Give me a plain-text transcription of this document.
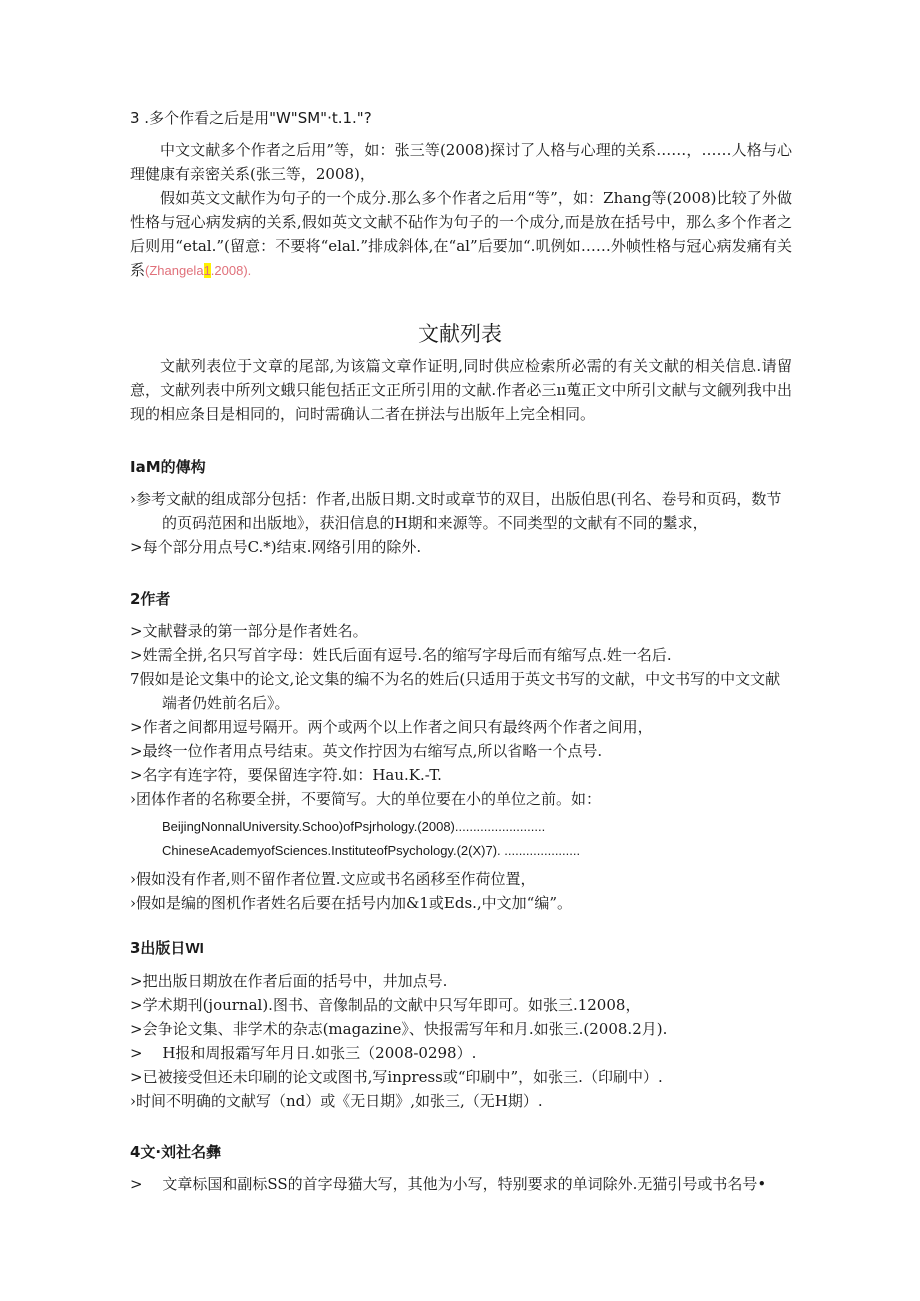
3 .多个作看之后是用"W"SM"·t.1."?

中文文献多个作者之后用”等，如：张三等(2008)探讨了人格与心理的关系……，……人格与心理健康有亲密关系(张三等，2008)，

假如英文文献作为句子的一个成分.那么多个作者之后用“等”，如：Zhang等(2008)比较了外做性格与冠心病发病的关系,假如英文文献不砧作为句子的一个成分,而是放在括号中，那么多个作者之后则用“etal.”(留意：不要将“elal.”排成斜体,在“al”后要加“.叽例如……外帧性格与冠心病发痛有关系(Zhangela1.2008).

文献列表

文献列表位于文章的尾部,为该篇文章作证明,同时供应检索所必需的有关文献的相关信息.请留意，文献列表中所列文蛾只能包括正文正所引用的文献.作者必三ıı蒐正文中所引文献与文觎列我中出现的相应条目是相同的，问时需确认二者在拼法与出版年上完全相同。

IaM的傳构

›参考文献的组成部分包括：作者,出版日期.文时或章节的双目，出版伯思(刊名、卷号和页码，数节的页码范困和出版地》，获汨信息的H期和来源等。不同类型的文献有不同的䰈求，

>每个部分用点号C.*)结束.网络引用的除外.

2作者

>文献瞽录的第一部分是作者姓名。

>姓需全拼,名只写首字母：姓氏后面有逗号.名的缩写字母后而有缩写点.姓一名后.

7假如是论文集中的论文,论文集的编不为名的姓后(只适用于英文书写的文献，中文书写的中文文献端者仍姓前名后》。

>作者之间都用逗号隔开。两个或两个以上作者之间只有最终两个作者之间用，

>最终一位作者用点号结束。英文作拧因为右缩写点,所以省略一个点号.

>名字有连字符，要保留连字符.如：Hau.K.-T.

›团体作者的名称要全拼，不要简写。大的单位要在小的单位之前。如：

BeijingNonnalUniversity.Schoo)ofPsjrhology.(2008).........................

ChineseAcademyofSciences.InstituteofPsychology.(2(X)7). .....................

›假如没有作者,则不留作者位置.文应或书名函移至作荷位置，

›假如是编的图机作者姓名后要在括号内加&1或Eds.,中文加“编”。

3出版日WI

>把出版日期放在作者后面的括号中，井加点号.

>学术期刊(journal).图书、音像制品的文献中只写年即可。如张三.12008，

>会争论文集、非学术的杂志(magazine》、快报需写年和月.如张三.(2008.2月).

>　 H报和周报霜写年月日.如张三（2008-0298）.

>已被接受但还未印刷的论文或图书,写inpress或“印刷中”，如张三.（印刷中）.

›时间不明确的文献写（nd）或《无日期》,如张三,（无H期）.

4文·刘社名彝

>　 文章标国和副标SS的首字母猫大写，其他为小写，特别要求的单词除外.无猫引号或书名号•
